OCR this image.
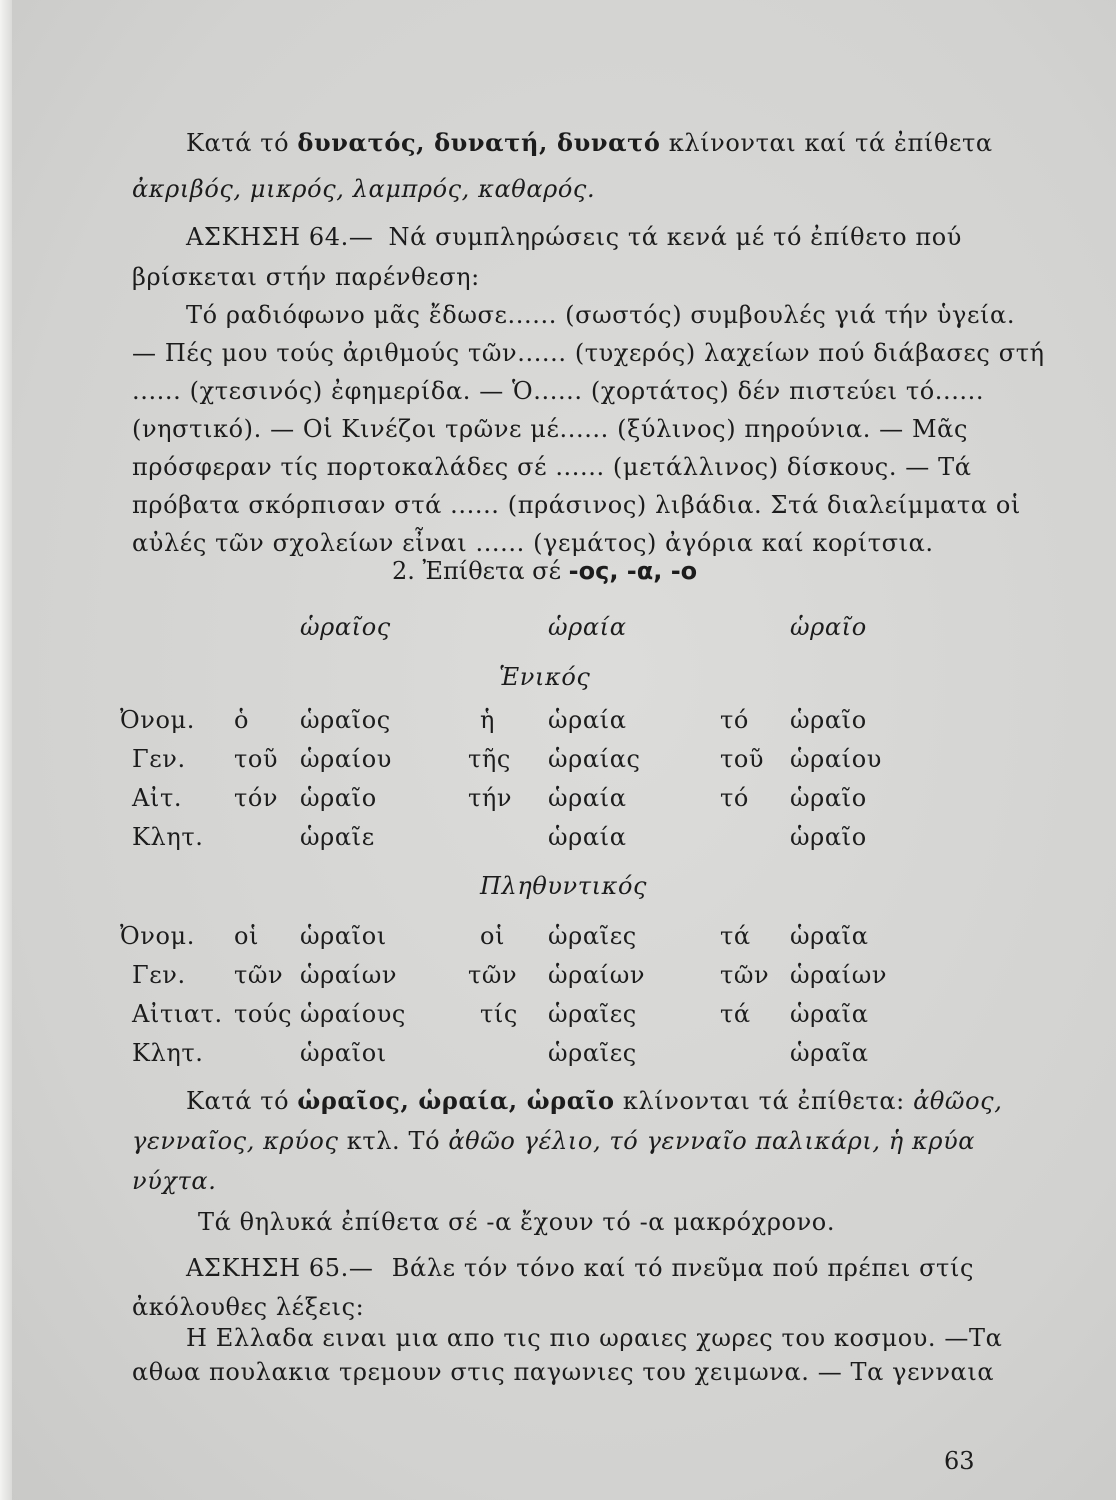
Κατά τό δυνατός, δυνατή, δυνατό κλίνονται καί τά ἐπίθετα
ἀκριβός, μικρός, λαμπρός, καθαρός.
ΑΣΚΗΣΗ 64.— Νά συμπληρώσεις τά κενά μέ τό ἐπίθετο πού
βρίσκεται στήν παρένθεση:
Τό ραδιόφωνο μᾶς ἔδωσε...... (σωστός) συμβουλές γιά τήν ὑγεία.
— Πές μου τούς ἀριθμούς τῶν...... (τυχερός) λαχείων πού διάβασες στή
...... (χτεσινός) ἐφημερίδα. — Ὁ...... (χορτάτος) δέν πιστεύει τό......
(νηστικό). — Οἱ Κινέζοι τρῶνε μέ...... (ξύλινος) πηρούνια. — Μᾶς
πρόσφεραν τίς πορτοκαλάδες σέ ...... (μετάλλινος) δίσκους. — Τά
πρόβατα σκόρπισαν στά ...... (πράσινος) λιβάδια. Στά διαλείμματα οἱ
αὐλές τῶν σχολείων εἶναι ...... (γεμάτος) ἀγόρια καί κορίτσια.
2. Ἐπίθετα σέ -ος, -α, -ο
ὡραῖος	ὡραία	ὡραῖο
Ἑνικός
Ὀνομ. ὁ ὡραῖος	ἡ ὡραία	τό ὡραῖο
Γεν. τοῦ ὡραίου	τῆς ὡραίας	τοῦ ὡραίου
Αἰτ. τόν ὡραῖο	τήν ὡραία	τό ὡραῖο
Κλητ.	ὡραῖε	ὡραία	ὡραῖο
Πληθυντικός
Ὀνομ. οἱ ὡραῖοι	οἱ ὡραῖες	τά ὡραῖα
Γεν. τῶν ὡραίων	τῶν ὡραίων	τῶν ὡραίων
Αἰτιατ. τούς ὡραίους	τίς ὡραῖες	τά ὡραῖα
Κλητ.	ὡραῖοι	ὡραῖες	ὡραῖα
Κατά τό ὡραῖος, ὡραία, ὡραῖο κλίνονται τά ἐπίθετα: ἀθῶος,
γενναῖος, κρύος κτλ. Τό ἀθῶο γέλιο, τό γενναῖο παλικάρι, ἡ κρύα
νύχτα.
Τά θηλυκά ἐπίθετα σέ -α ἔχουν τό -α μακρόχρονο.
ΑΣΚΗΣΗ 65.— Βάλε τόν τόνο καί τό πνεῦμα πού πρέπει στίς
ἀκόλουθες λέξεις:
Η Ελλαδα ειναι μια απο τις πιο ωραιες χωρες του κοσμου. —Τα
αθωα πουλακια τρεμουν στις παγωνιες του χειμωνα. — Τα γενναια
63
